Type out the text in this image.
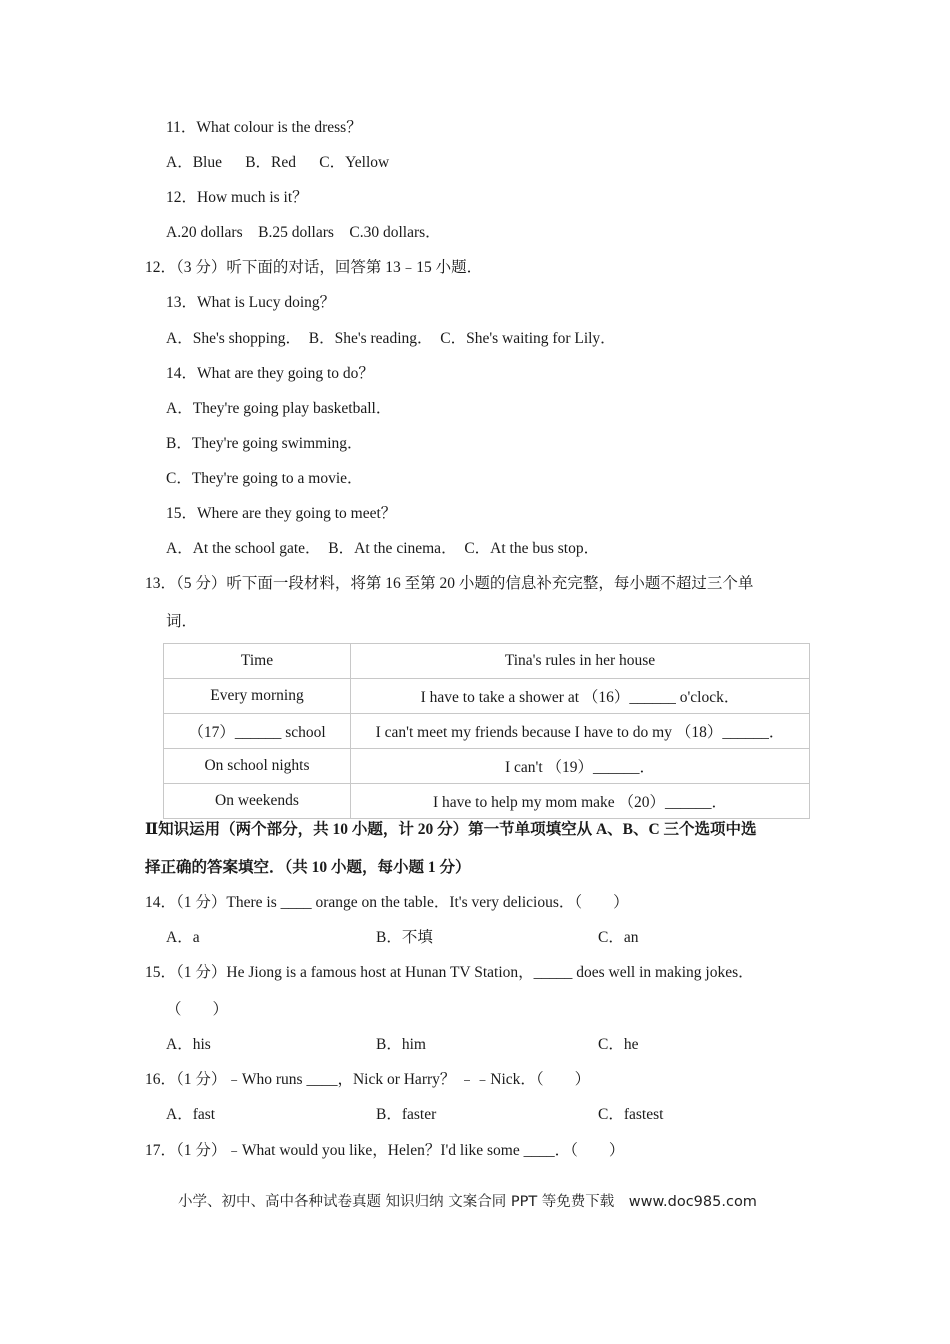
11．What colour is the dress？
A．Blue　  B．Red　  C．Yellow
12．How much is it？
A.20 dollars　B.25 dollars　C.30 dollars．
12．（3 分）听下面的对话，回答第 13﹣15 小题．
13．What is Lucy doing？
A．She's shopping．　B．She's reading．　C．She's waiting for Lily．
14．What are they going to do？
A．They're going play basketball．
B．They're going swimming．
C．They're going to a movie．
15．Where are they going to meet？
A．At the school gate．　B．At the cinema．　C．At the bus stop．
13．（5 分）听下面一段材料，将第 16 至第 20 小题的信息补充完整，每小题不超过三个单
词．
Time	Tina's rules in her house
Every morning	I have to take a shower at （16）______ o'clock．
（17）______ school	I can't meet my friends because I have to do my （18）______．
On school nights	I can't （19）______．
On weekends	I have to help my mom make （20）______．
Ⅱ知识运用（两个部分，共 10 小题，计 20 分）第一节单项填空从 A、B、C 三个选项中选
择正确的答案填空．（共 10 小题，每小题 1 分）
14．（1 分）There is ____ orange on the table．It's very delicious．（　　）
A．a	B．不填	C．an
15．（1 分）He Jiong is a famous host at Hunan TV Station，_____ does well in making jokes．
（　　）
A．his	B．him	C．he
16．（1 分）﹣Who runs ____，Nick or Harry？ ﹣﹣Nick．（　　）
A．fast	B．faster	C．fastest
17．（1 分）﹣What would you like，Helen？I'd like some ____．（　　）
小学、初中、高中各种试卷真题 知识归纳 文案合同 PPT 等免费下载　www.doc985.com
